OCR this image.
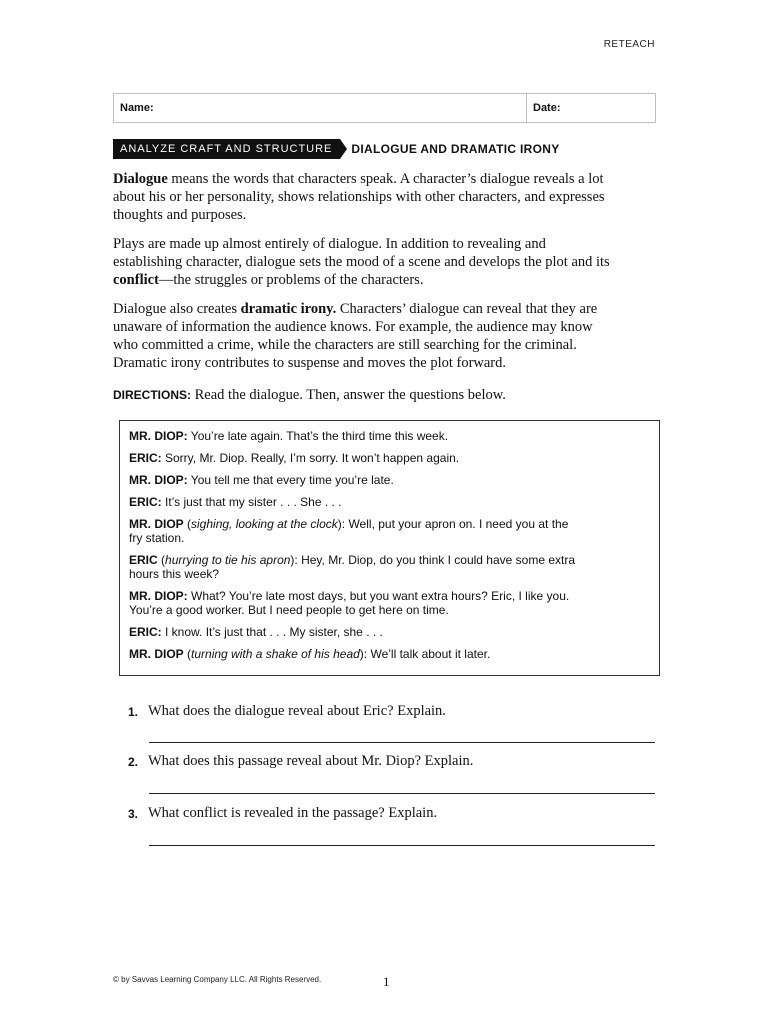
RETEACH
Name:	Date:
ANALYZE CRAFT AND STRUCTURE	DIALOGUE AND DRAMATIC IRONY

Dialogue means the words that characters speak. A character’s dialogue reveals a lot about his or her personality, shows relationships with other characters, and expresses thoughts and purposes.

Plays are made up almost entirely of dialogue. In addition to revealing and establishing character, dialogue sets the mood of a scene and develops the plot and its conflict—the struggles or problems of the characters.

Dialogue also creates dramatic irony. Characters’ dialogue can reveal that they are unaware of information the audience knows. For example, the audience may know who committed a crime, while the characters are still searching for the criminal. Dramatic irony contributes to suspense and moves the plot forward.

DIRECTIONS: Read the dialogue. Then, answer the questions below.

MR. DIOP: You’re late again. That’s the third time this week.

ERIC: Sorry, Mr. Diop. Really, I’m sorry. It won’t happen again.

MR. DIOP: You tell me that every time you’re late.

ERIC: It’s just that my sister . . . She . . .

MR. DIOP (sighing, looking at the clock): Well, put your apron on. I need you at the fry station.

ERIC (hurrying to tie his apron): Hey, Mr. Diop, do you think I could have some extra hours this week?

MR. DIOP: What? You’re late most days, but you want extra hours? Eric, I like you. You’re a good worker. But I need people to get here on time.

ERIC: I know. It’s just that . . . My sister, she . . .

MR. DIOP (turning with a shake of his head): We’ll talk about it later.

1. What does the dialogue reveal about Eric? Explain.
2. What does this passage reveal about Mr. Diop? Explain.
3. What conflict is revealed in the passage? Explain.
© by Savvas Learning Company LLC. All Rights Reserved.	1
